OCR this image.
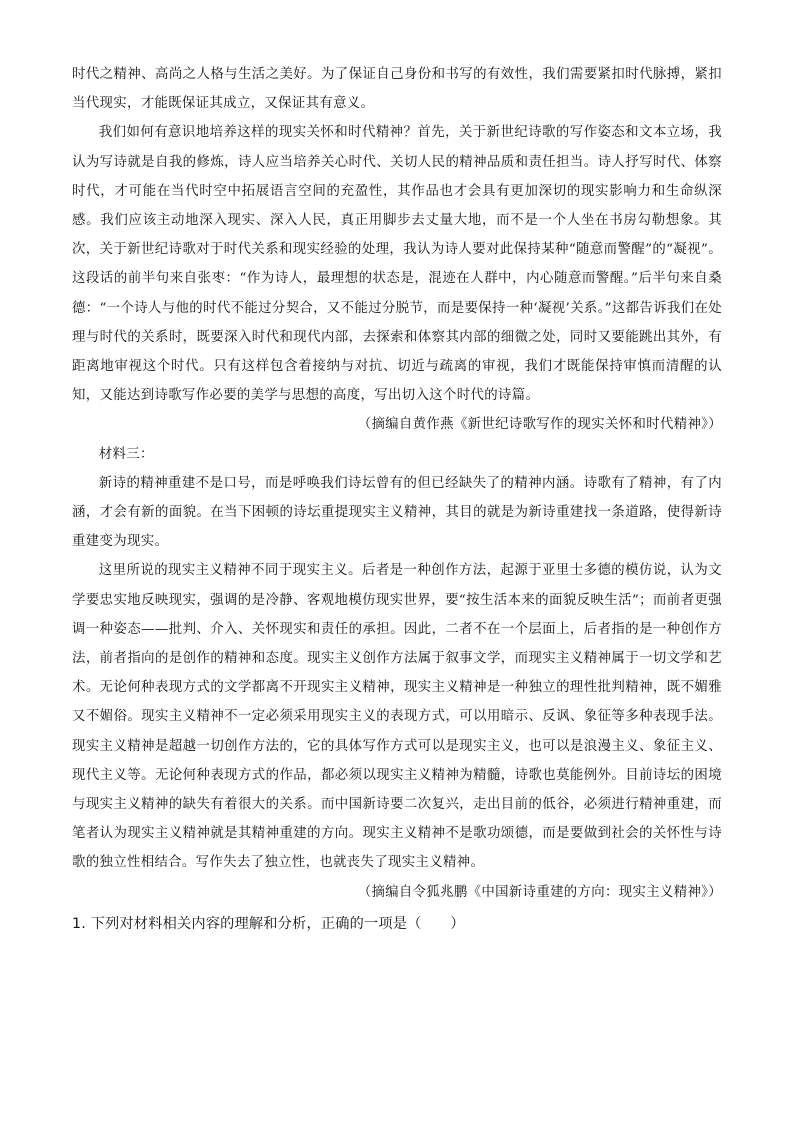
时代之精神、高尚之人格与生活之美好。为了保证自己身份和书写的有效性，我们需要紧扣时代脉搏，紧扣当代现实，才能既保证其成立，又保证其有意义。

我们如何有意识地培养这样的现实关怀和时代精神？首先，关于新世纪诗歌的写作姿态和文本立场，我认为写诗就是自我的修炼，诗人应当培养关心时代、关切人民的精神品质和责任担当。诗人抒写时代、体察时代，才可能在当代时空中拓展语言空间的充盈性，其作品也才会具有更加深切的现实影响力和生命纵深感。我们应该主动地深入现实、深入人民，真正用脚步去丈量大地，而不是一个人坐在书房勾勒想象。其次，关于新世纪诗歌对于时代关系和现实经验的处理，我认为诗人要对此保持某种“随意而警醒”的“凝视”。这段话的前半句来自张枣：“作为诗人，最理想的状态是，混迹在人群中，内心随意而警醒。”后半句来自桑德：“一个诗人与他的时代不能过分契合，又不能过分脱节，而是要保持一种‘凝视’关系。”这都告诉我们在处理与时代的关系时，既要深入时代和现代内部，去探索和体察其内部的细微之处，同时又要能跳出其外，有距离地审视这个时代。只有这样包含着接纳与对抗、切近与疏离的审视，我们才既能保持审慎而清醒的认知，又能达到诗歌写作必要的美学与思想的高度，写出切入这个时代的诗篇。

（摘编自黄作燕《新世纪诗歌写作的现实关怀和时代精神》）

材料三：

新诗的精神重建不是口号，而是呼唤我们诗坛曾有的但已经缺失了的精神内涵。诗歌有了精神，有了内涵，才会有新的面貌。在当下困顿的诗坛重提现实主义精神，其目的就是为新诗重建找一条道路，使得新诗重建变为现实。

这里所说的现实主义精神不同于现实主义。后者是一种创作方法，起源于亚里士多德的模仿说，认为文学要忠实地反映现实，强调的是冷静、客观地模仿现实世界，要“按生活本来的面貌反映生活”；而前者更强调一种姿态——批判、介入、关怀现实和责任的承担。因此，二者不在一个层面上，后者指的是一种创作方法，前者指向的是创作的精神和态度。现实主义创作方法属于叙事文学，而现实主义精神属于一切文学和艺术。无论何种表现方式的文学都离不开现实主义精神，现实主义精神是一种独立的理性批判精神，既不媚雅又不媚俗。现实主义精神不一定必须采用现实主义的表现方式，可以用暗示、反讽、象征等多种表现手法。现实主义精神是超越一切创作方法的，它的具体写作方式可以是现实主义，也可以是浪漫主义、象征主义、现代主义等。无论何种表现方式的作品，都必须以现实主义精神为精髓，诗歌也莫能例外。目前诗坛的困境与现实主义精神的缺失有着很大的关系。而中国新诗要二次复兴，走出目前的低谷，必须进行精神重建，而笔者认为现实主义精神就是其精神重建的方向。现实主义精神不是歌功颂德，而是要做到社会的关怀性与诗歌的独立性相结合。写作失去了独立性，也就丧失了现实主义精神。

（摘编自令狐兆鹏《中国新诗重建的方向：现实主义精神》）

1. 下列对材料相关内容的理解和分析，正确的一项是（　　）
